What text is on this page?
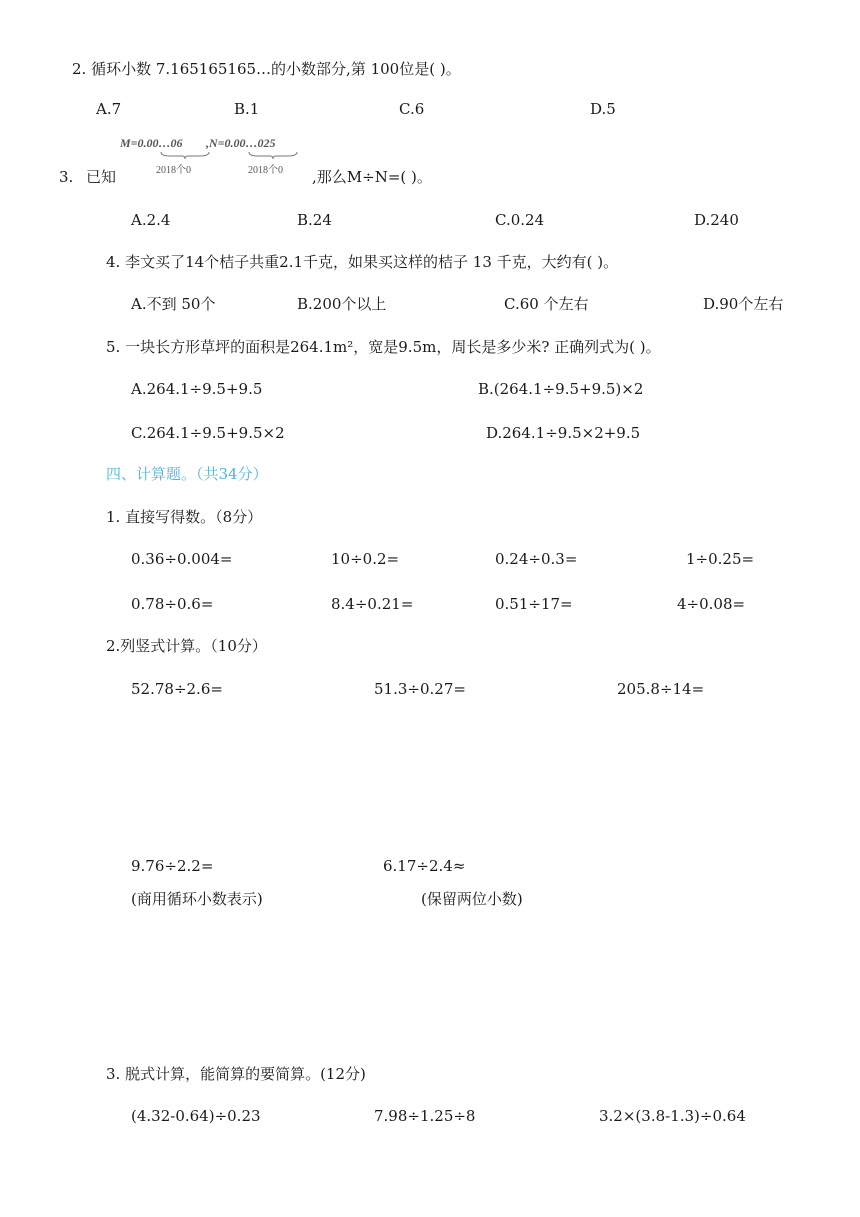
2. 循环小数 7.165165165…的小数部分,第 100位是( )。
A.7	B.1	C.6	D.5
3. 已知
M=0.00…06 ,N=0.00…025
2018个0	2018个0 ,那么M÷N=( )。
A.2.4	B.24	C.0.24	D.240
4. 李文买了14个桔子共重2.1千克，如果买这样的桔子 13 千克，大约有( )。
A.不到 50个	B.200个以上	C.60 个左右	D.90个左右
5. 一块长方形草坪的面积是264.1m²，宽是9.5m，周长是多少米? 正确列式为( )。
A.264.1÷9.5+9.5	B.(264.1÷9.5+9.5)×2
C.264.1÷9.5+9.5×2	D.264.1÷9.5×2+9.5
四、计算题。（共34分）
1. 直接写得数。（8分）
0.36÷0.004=	10÷0.2=	0.24÷0.3=	1÷0.25=
0.78÷0.6=	8.4÷0.21=	0.51÷17=	4÷0.08=
2.列竖式计算。（10分）
52.78÷2.6=	51.3÷0.27=	205.8÷14=
9.76÷2.2=	6.17÷2.4≈
(商用循环小数表示)	(保留两位小数)
3. 脱式计算，能简算的要简算。(12分)
(4.32-0.64)÷0.23	7.98÷1.25÷8	3.2×(3.8-1.3)÷0.64
